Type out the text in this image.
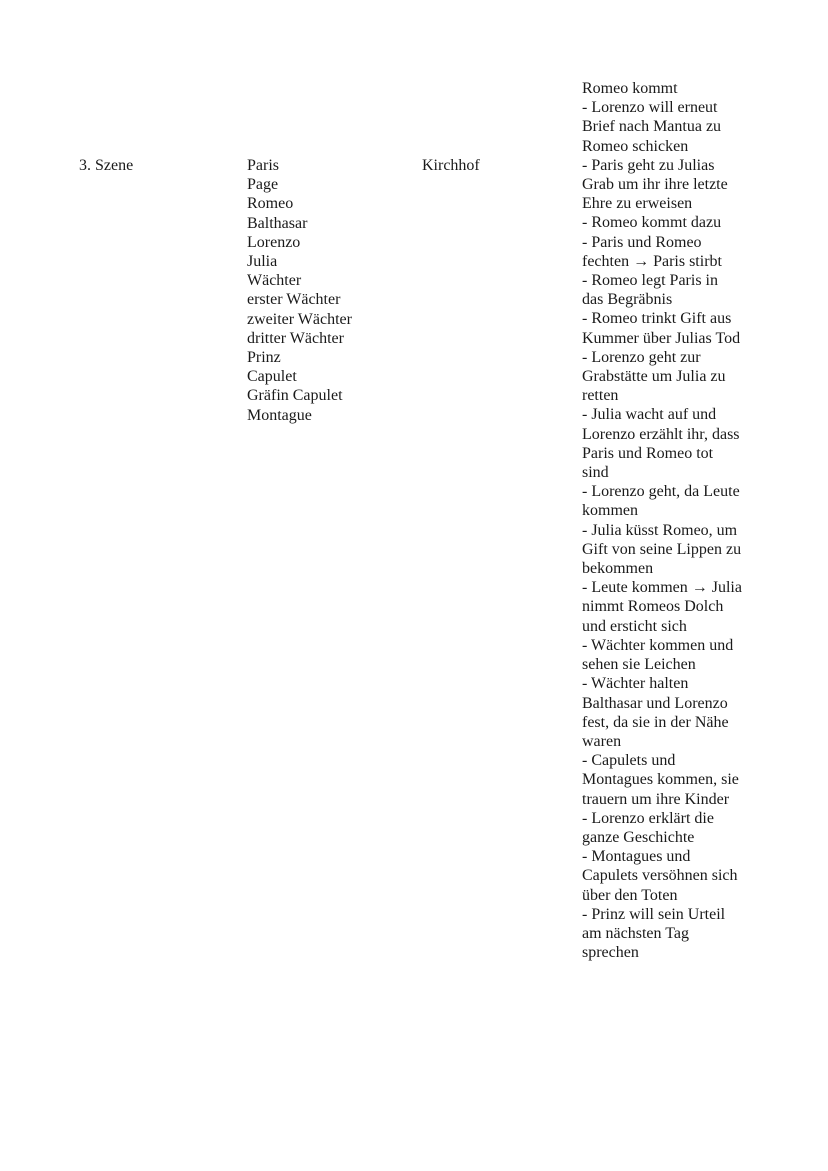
3. Szene	Paris
Page
Romeo
Balthasar
Lorenzo
Julia
Wächter
erster Wächter
zweiter Wächter
dritter Wächter
Prinz
Capulet
Gräfin Capulet
Montague
Kirchhof
Romeo kommt
- Lorenzo will erneut
Brief nach Mantua zu
Romeo schicken
- Paris geht zu Julias
Grab um ihr ihre letzte
Ehre zu erweisen
- Romeo kommt dazu
- Paris und Romeo
fechten → Paris stirbt
- Romeo legt Paris in
das Begräbnis
- Romeo trinkt Gift aus
Kummer über Julias Tod
- Lorenzo geht zur
Grabstätte um Julia zu
retten
- Julia wacht auf und
Lorenzo erzählt ihr, dass
Paris und Romeo tot
sind
- Lorenzo geht, da Leute
kommen
- Julia küsst Romeo, um
Gift von seine Lippen zu
bekommen
- Leute kommen → Julia
nimmt Romeos Dolch
und ersticht sich
- Wächter kommen und
sehen sie Leichen
- Wächter halten
Balthasar und Lorenzo
fest, da sie in der Nähe
waren
- Capulets und
Montagues kommen, sie
trauern um ihre Kinder
- Lorenzo erklärt die
ganze Geschichte
- Montagues und
Capulets versöhnen sich
über den Toten
- Prinz will sein Urteil
am nächsten Tag
sprechen
